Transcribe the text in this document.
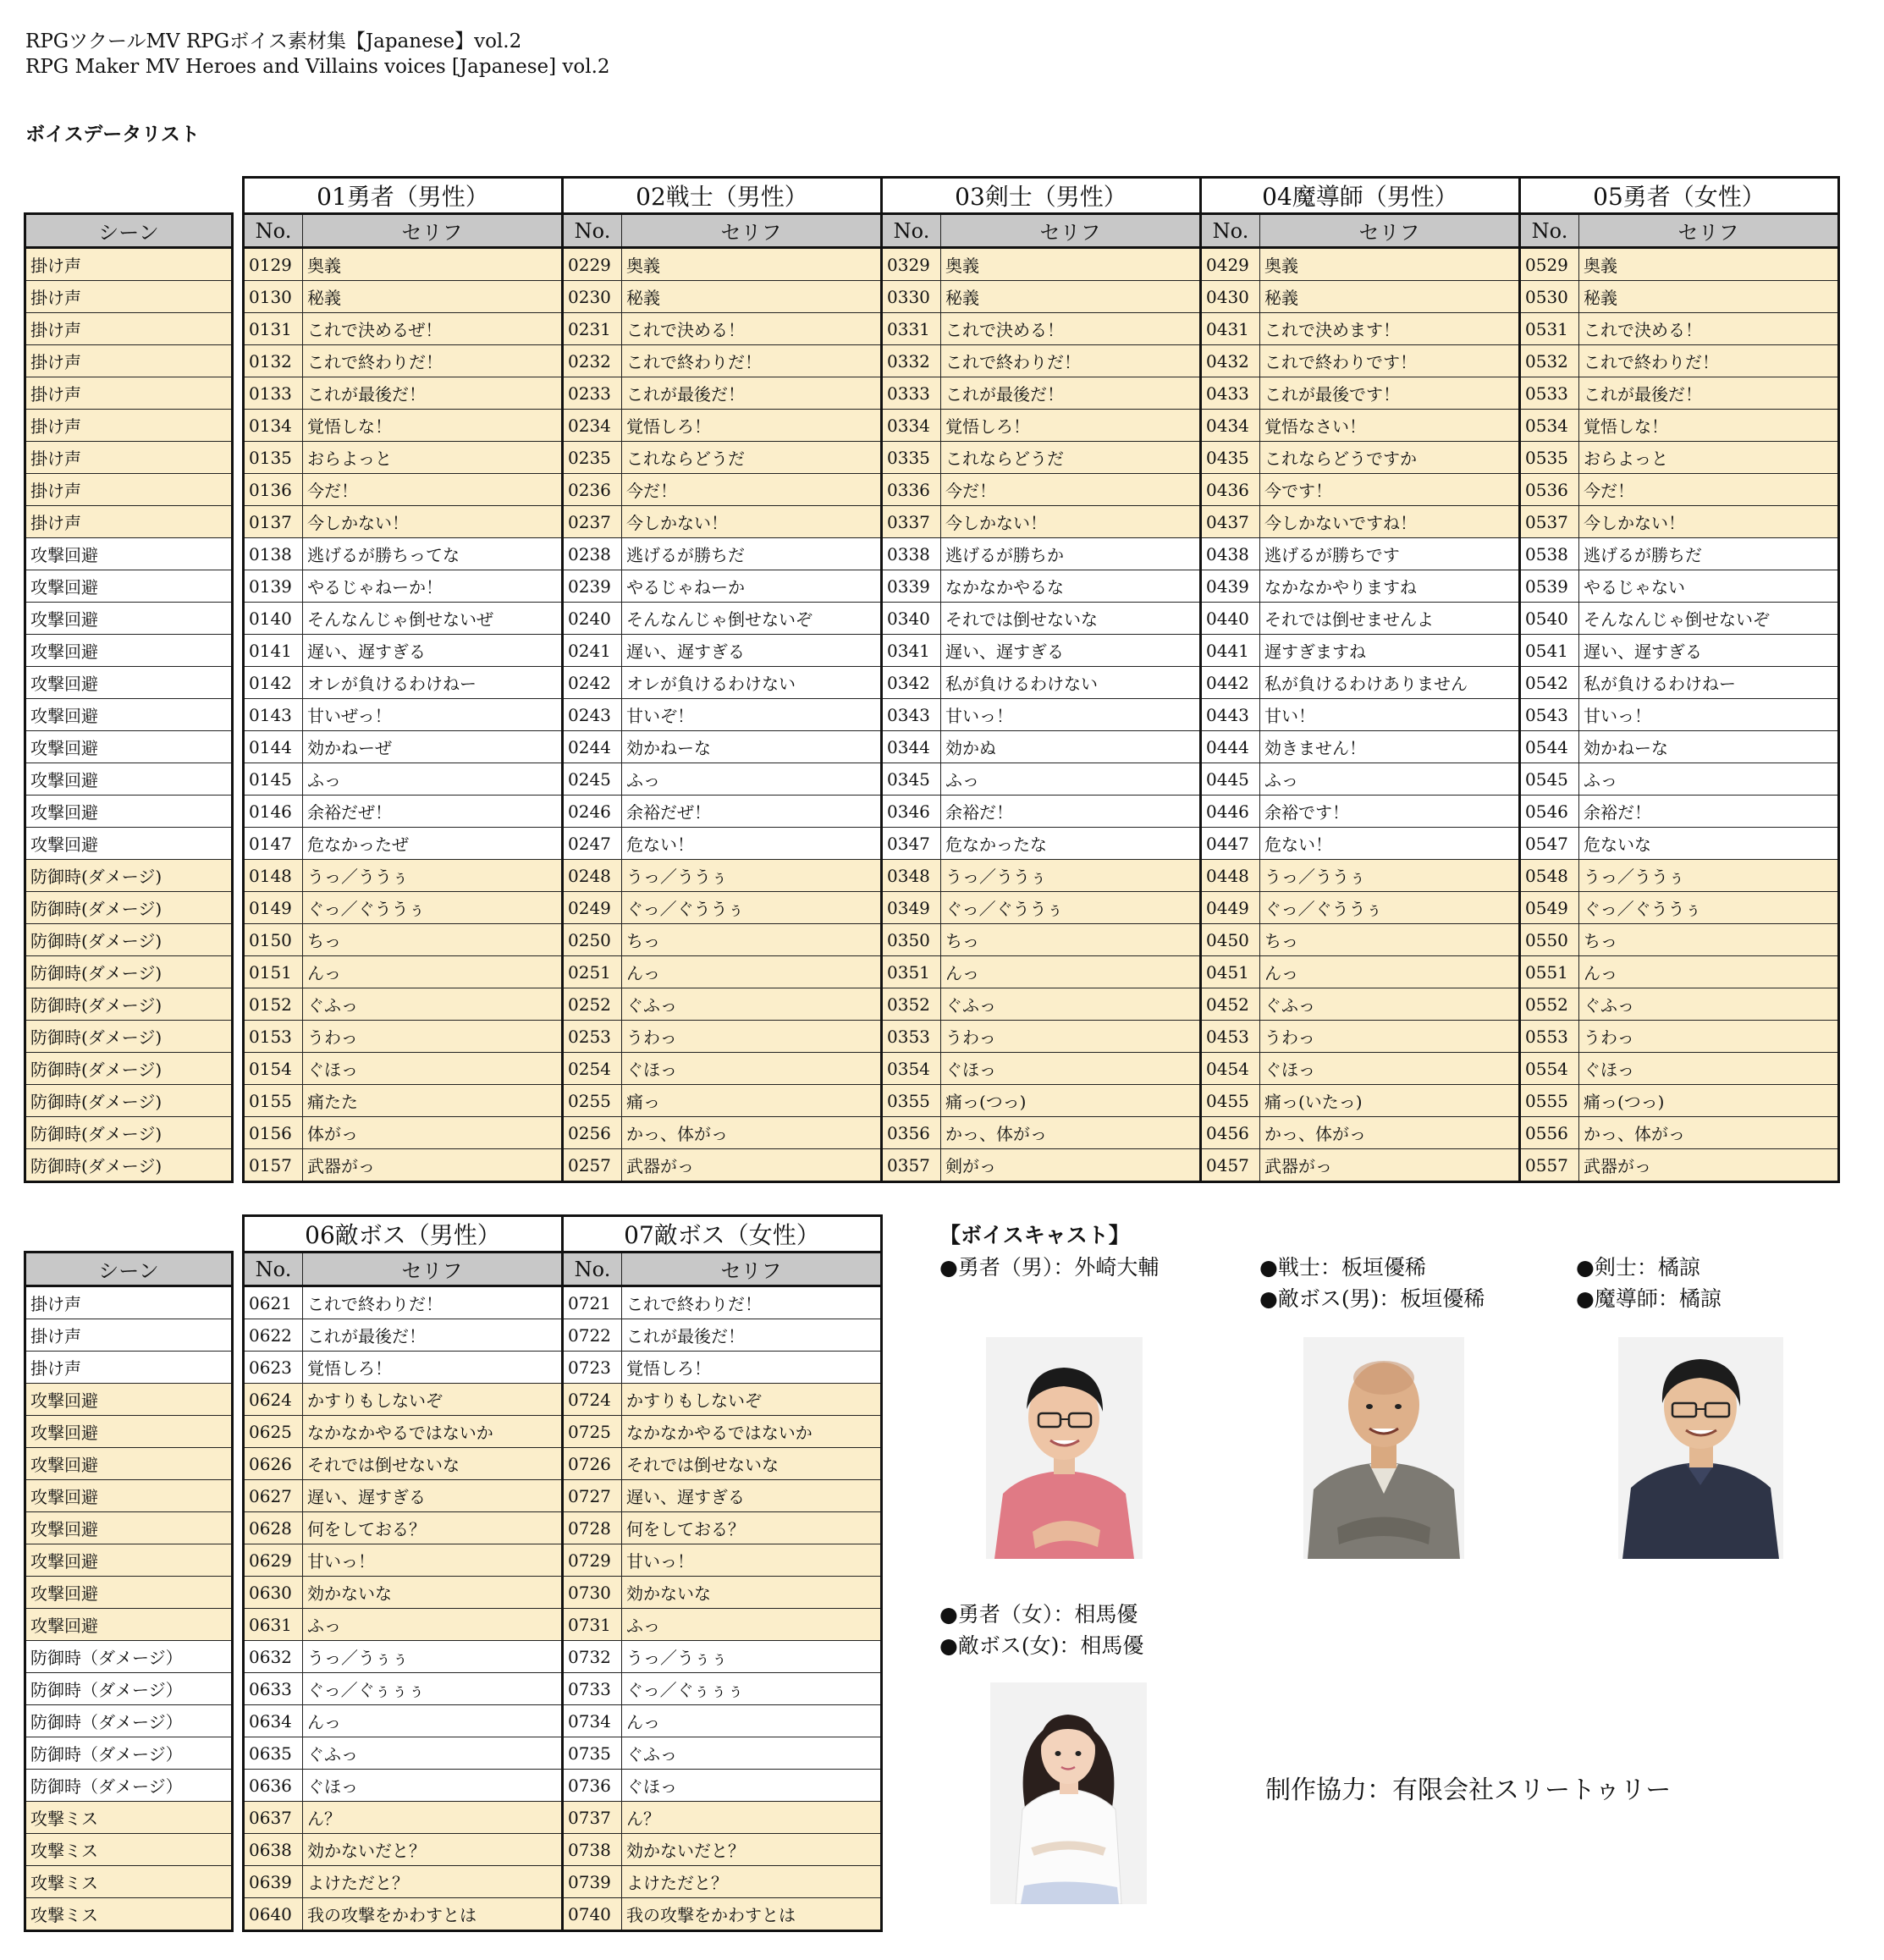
RPGツクールMV RPGボイス素材集【Japanese】vol.2
RPG Maker MV Heroes and Villains voices [Japanese] vol.2
ボイスデータリスト
		01勇者（男性）		02戦士（男性）		03剣士（男性）		04魔導師（男性）		05勇者（女性）	
シーン		No.	セリフ	No.	セリフ	No.	セリフ	No.	セリフ	No.	セリフ
掛け声		0129	奥義	0229	奥義	0329	奥義	0429	奥義	0529	奥義
掛け声		0130	秘義	0230	秘義	0330	秘義	0430	秘義	0530	秘義
掛け声		0131	これで決めるぜ！	0231	これで決める！	0331	これで決める！	0431	これで決めます！	0531	これで決める！
掛け声		0132	これで終わりだ！	0232	これで終わりだ！	0332	これで終わりだ！	0432	これで終わりです！	0532	これで終わりだ！
掛け声		0133	これが最後だ！	0233	これが最後だ！	0333	これが最後だ！	0433	これが最後です！	0533	これが最後だ！
掛け声		0134	覚悟しな！	0234	覚悟しろ！	0334	覚悟しろ！	0434	覚悟なさい！	0534	覚悟しな！
掛け声		0135	おらよっと	0235	これならどうだ	0335	これならどうだ	0435	これならどうですか	0535	おらよっと
掛け声		0136	今だ！	0236	今だ！	0336	今だ！	0436	今です！	0536	今だ！
掛け声		0137	今しかない！	0237	今しかない！	0337	今しかない！	0437	今しかないですね！	0537	今しかない！
攻撃回避		0138	逃げるが勝ちってな	0238	逃げるが勝ちだ	0338	逃げるが勝ちか	0438	逃げるが勝ちです	0538	逃げるが勝ちだ
攻撃回避		0139	やるじゃねーか！	0239	やるじゃねーか	0339	なかなかやるな	0439	なかなかやりますね	0539	やるじゃない
攻撃回避		0140	そんなんじゃ倒せないぜ	0240	そんなんじゃ倒せないぞ	0340	それでは倒せないな	0440	それでは倒せませんよ	0540	そんなんじゃ倒せないぞ
攻撃回避		0141	遅い、遅すぎる	0241	遅い、遅すぎる	0341	遅い、遅すぎる	0441	遅すぎますね	0541	遅い、遅すぎる
攻撃回避		0142	オレが負けるわけねー	0242	オレが負けるわけない	0342	私が負けるわけない	0442	私が負けるわけありません	0542	私が負けるわけねー
攻撃回避		0143	甘いぜっ！	0243	甘いぞ！	0343	甘いっ！	0443	甘い！	0543	甘いっ！
攻撃回避		0144	効かねーぜ	0244	効かねーな	0344	効かぬ	0444	効きません！	0544	効かねーな
攻撃回避		0145	ふっ	0245	ふっ	0345	ふっ	0445	ふっ	0545	ふっ
攻撃回避		0146	余裕だぜ！	0246	余裕だぜ！	0346	余裕だ！	0446	余裕です！	0546	余裕だ！
攻撃回避		0147	危なかったぜ	0247	危ない！	0347	危なかったな	0447	危ない！	0547	危ないな
防御時(ダメージ)		0148	うっ／ううぅ	0248	うっ／ううぅ	0348	うっ／ううぅ	0448	うっ／ううぅ	0548	うっ／ううぅ
防御時(ダメージ)		0149	ぐっ／ぐううぅ	0249	ぐっ／ぐううぅ	0349	ぐっ／ぐううぅ	0449	ぐっ／ぐううぅ	0549	ぐっ／ぐううぅ
防御時(ダメージ)		0150	ちっ	0250	ちっ	0350	ちっ	0450	ちっ	0550	ちっ
防御時(ダメージ)		0151	んっ	0251	んっ	0351	んっ	0451	んっ	0551	んっ
防御時(ダメージ)		0152	ぐふっ	0252	ぐふっ	0352	ぐふっ	0452	ぐふっ	0552	ぐふっ
防御時(ダメージ)		0153	うわっ	0253	うわっ	0353	うわっ	0453	うわっ	0553	うわっ
防御時(ダメージ)		0154	ぐほっ	0254	ぐほっ	0354	ぐほっ	0454	ぐほっ	0554	ぐほっ
防御時(ダメージ)		0155	痛たた	0255	痛っ	0355	痛っ(つっ)	0455	痛っ(いたっ)	0555	痛っ(つっ)
防御時(ダメージ)		0156	体がっ	0256	かっ、体がっ	0356	かっ、体がっ	0456	かっ、体がっ	0556	かっ、体がっ
防御時(ダメージ)		0157	武器がっ	0257	武器がっ	0357	剣がっ	0457	武器がっ	0557	武器がっ
		06敵ボス（男性）		07敵ボス（女性）	
シーン		No.	セリフ	No.	セリフ
掛け声		0621	これで終わりだ！	0721	これで終わりだ！
掛け声		0622	これが最後だ！	0722	これが最後だ！
掛け声		0623	覚悟しろ！	0723	覚悟しろ！
攻撃回避		0624	かすりもしないぞ	0724	かすりもしないぞ
攻撃回避		0625	なかなかやるではないか	0725	なかなかやるではないか
攻撃回避		0626	それでは倒せないな	0726	それでは倒せないな
攻撃回避		0627	遅い、遅すぎる	0727	遅い、遅すぎる
攻撃回避		0628	何をしておる？	0728	何をしておる？
攻撃回避		0629	甘いっ！	0729	甘いっ！
攻撃回避		0630	効かないな	0730	効かないな
攻撃回避		0631	ふっ	0731	ふっ
防御時（ダメージ）		0632	うっ／うぅぅ	0732	うっ／うぅぅ
防御時（ダメージ）		0633	ぐっ／ぐぅぅぅ	0733	ぐっ／ぐぅぅぅ
防御時（ダメージ）		0634	んっ	0734	んっ
防御時（ダメージ）		0635	ぐふっ	0735	ぐふっ
防御時（ダメージ）		0636	ぐほっ	0736	ぐほっ
攻撃ミス		0637	ん？	0737	ん？
攻撃ミス		0638	効かないだと？	0738	効かないだと？
攻撃ミス		0639	よけただと？	0739	よけただと？
攻撃ミス		0640	我の攻撃をかわすとは	0740	我の攻撃をかわすとは
【ボイスキャスト】
●勇者（男）：外崎大輔	●戦士：板垣優稀
●敵ボス(男)：板垣優稀
●剣士：橘諒
●魔導師：橘諒
●勇者（女）：相馬優
●敵ボス(女)：相馬優
制作協力：有限会社スリートゥリー
